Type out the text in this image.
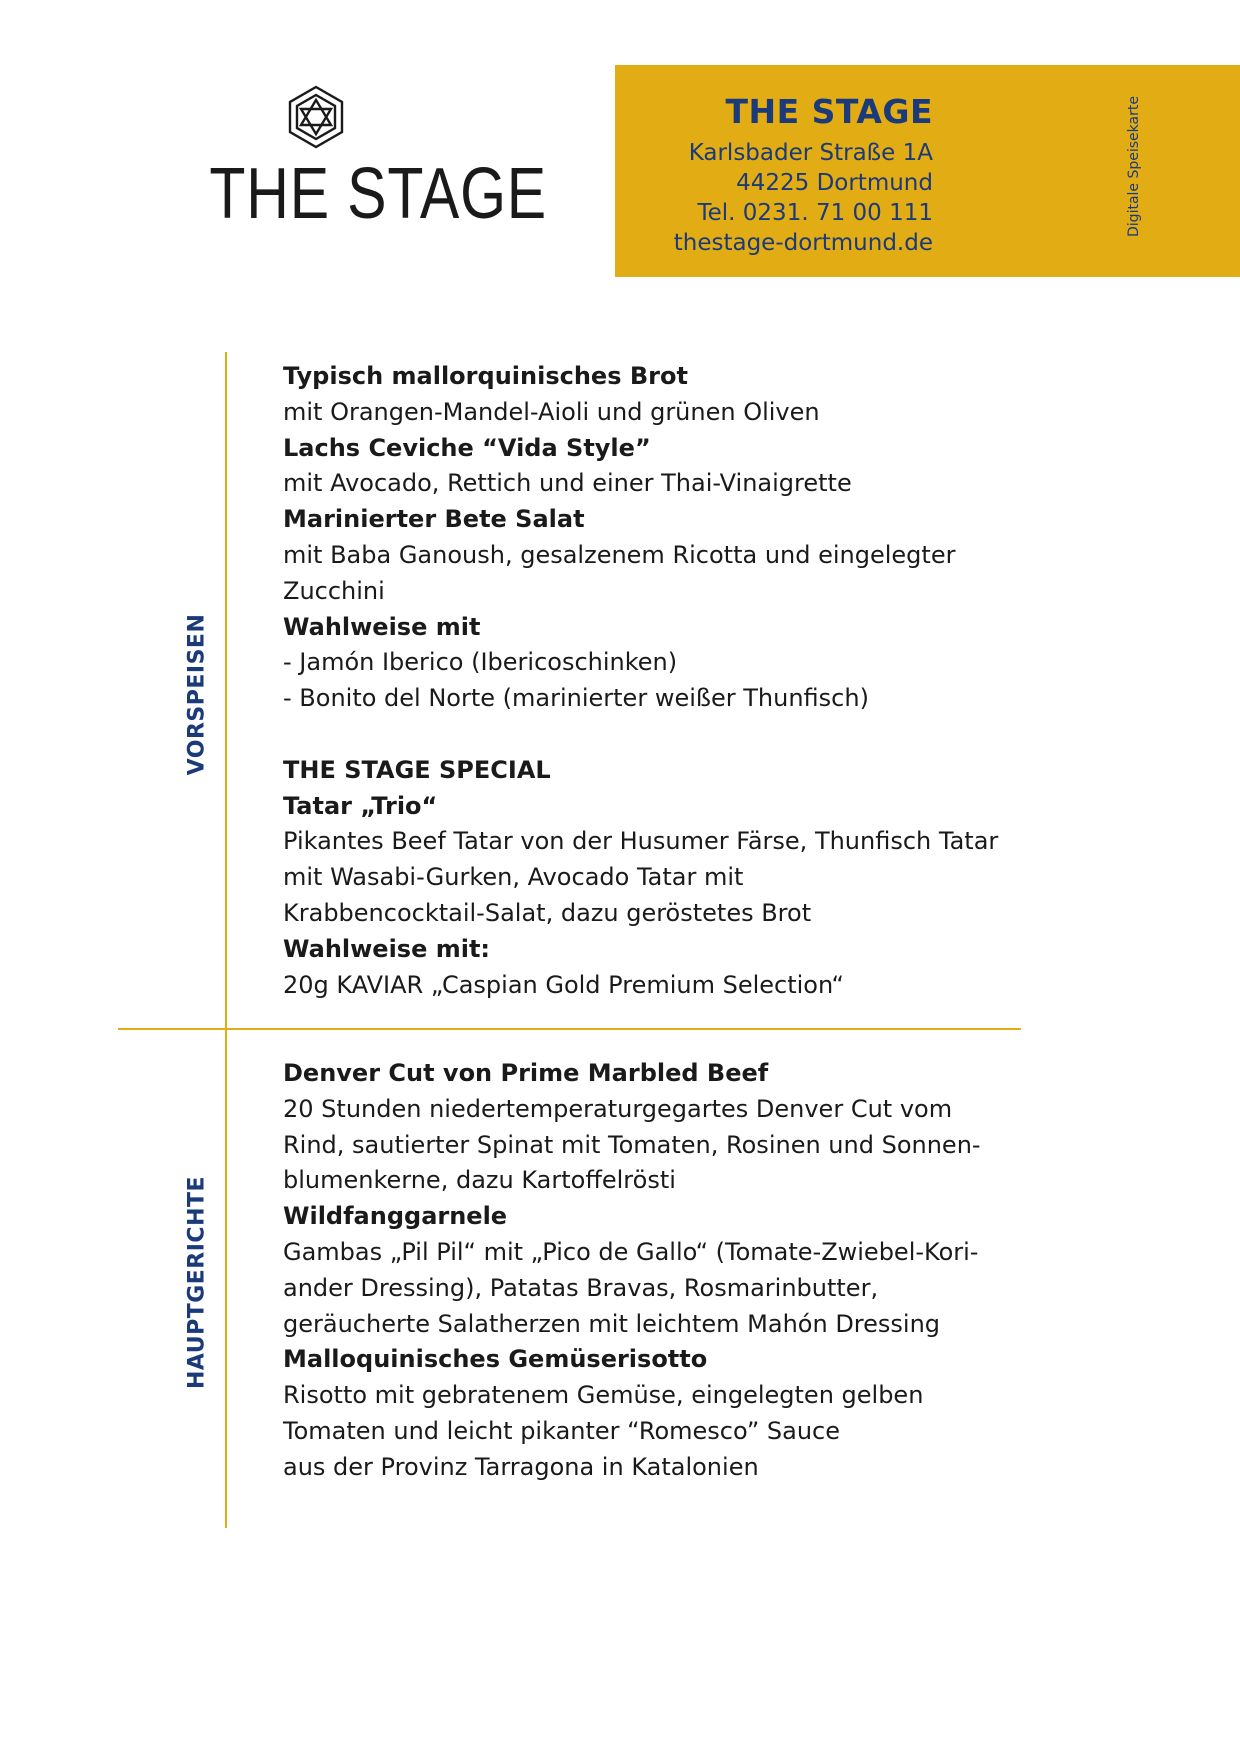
THE STAGE
THE STAGE
Karlsbader Straße 1A
44225 Dortmund
Tel. 0231. 71 00 111
thestage-dortmund.de
Digitale Speisekarte
VORSPEISEN
HAUPTGERICHTE
Typisch mallorquinisches Brot
mit Orangen-Mandel-Aioli und grünen Oliven
Lachs Ceviche “Vida Style”
mit Avocado, Rettich und einer Thai-Vinaigrette
Marinierter Bete Salat
mit Baba Ganoush, gesalzenem Ricotta und eingelegter
Zucchini
Wahlweise mit
- Jamón Iberico (Ibericoschinken)
- Bonito del Norte (marinierter weißer Thunfisch)
THE STAGE SPECIAL
Tatar „Trio“
Pikantes Beef Tatar von der Husumer Färse, Thunfisch Tatar
mit Wasabi-Gurken, Avocado Tatar mit
Krabbencocktail-Salat, dazu geröstetes Brot
Wahlweise mit:
20g KAVIAR „Caspian Gold Premium Selection“
Denver Cut von Prime Marbled Beef
20 Stunden niedertemperaturgegartes Denver Cut vom
Rind, sautierter Spinat mit Tomaten, Rosinen und Sonnen-
blumenkerne, dazu Kartoffelrösti
Wildfanggarnele
Gambas „Pil Pil“ mit „Pico de Gallo“ (Tomate-Zwiebel-Kori-
ander Dressing), Patatas Bravas, Rosmarinbutter,
geräucherte Salatherzen mit leichtem Mahón Dressing
Malloquinisches Gemüserisotto
Risotto mit gebratenem Gemüse, eingelegten gelben
Tomaten und leicht pikanter “Romesco” Sauce
aus der Provinz Tarragona in Katalonien
